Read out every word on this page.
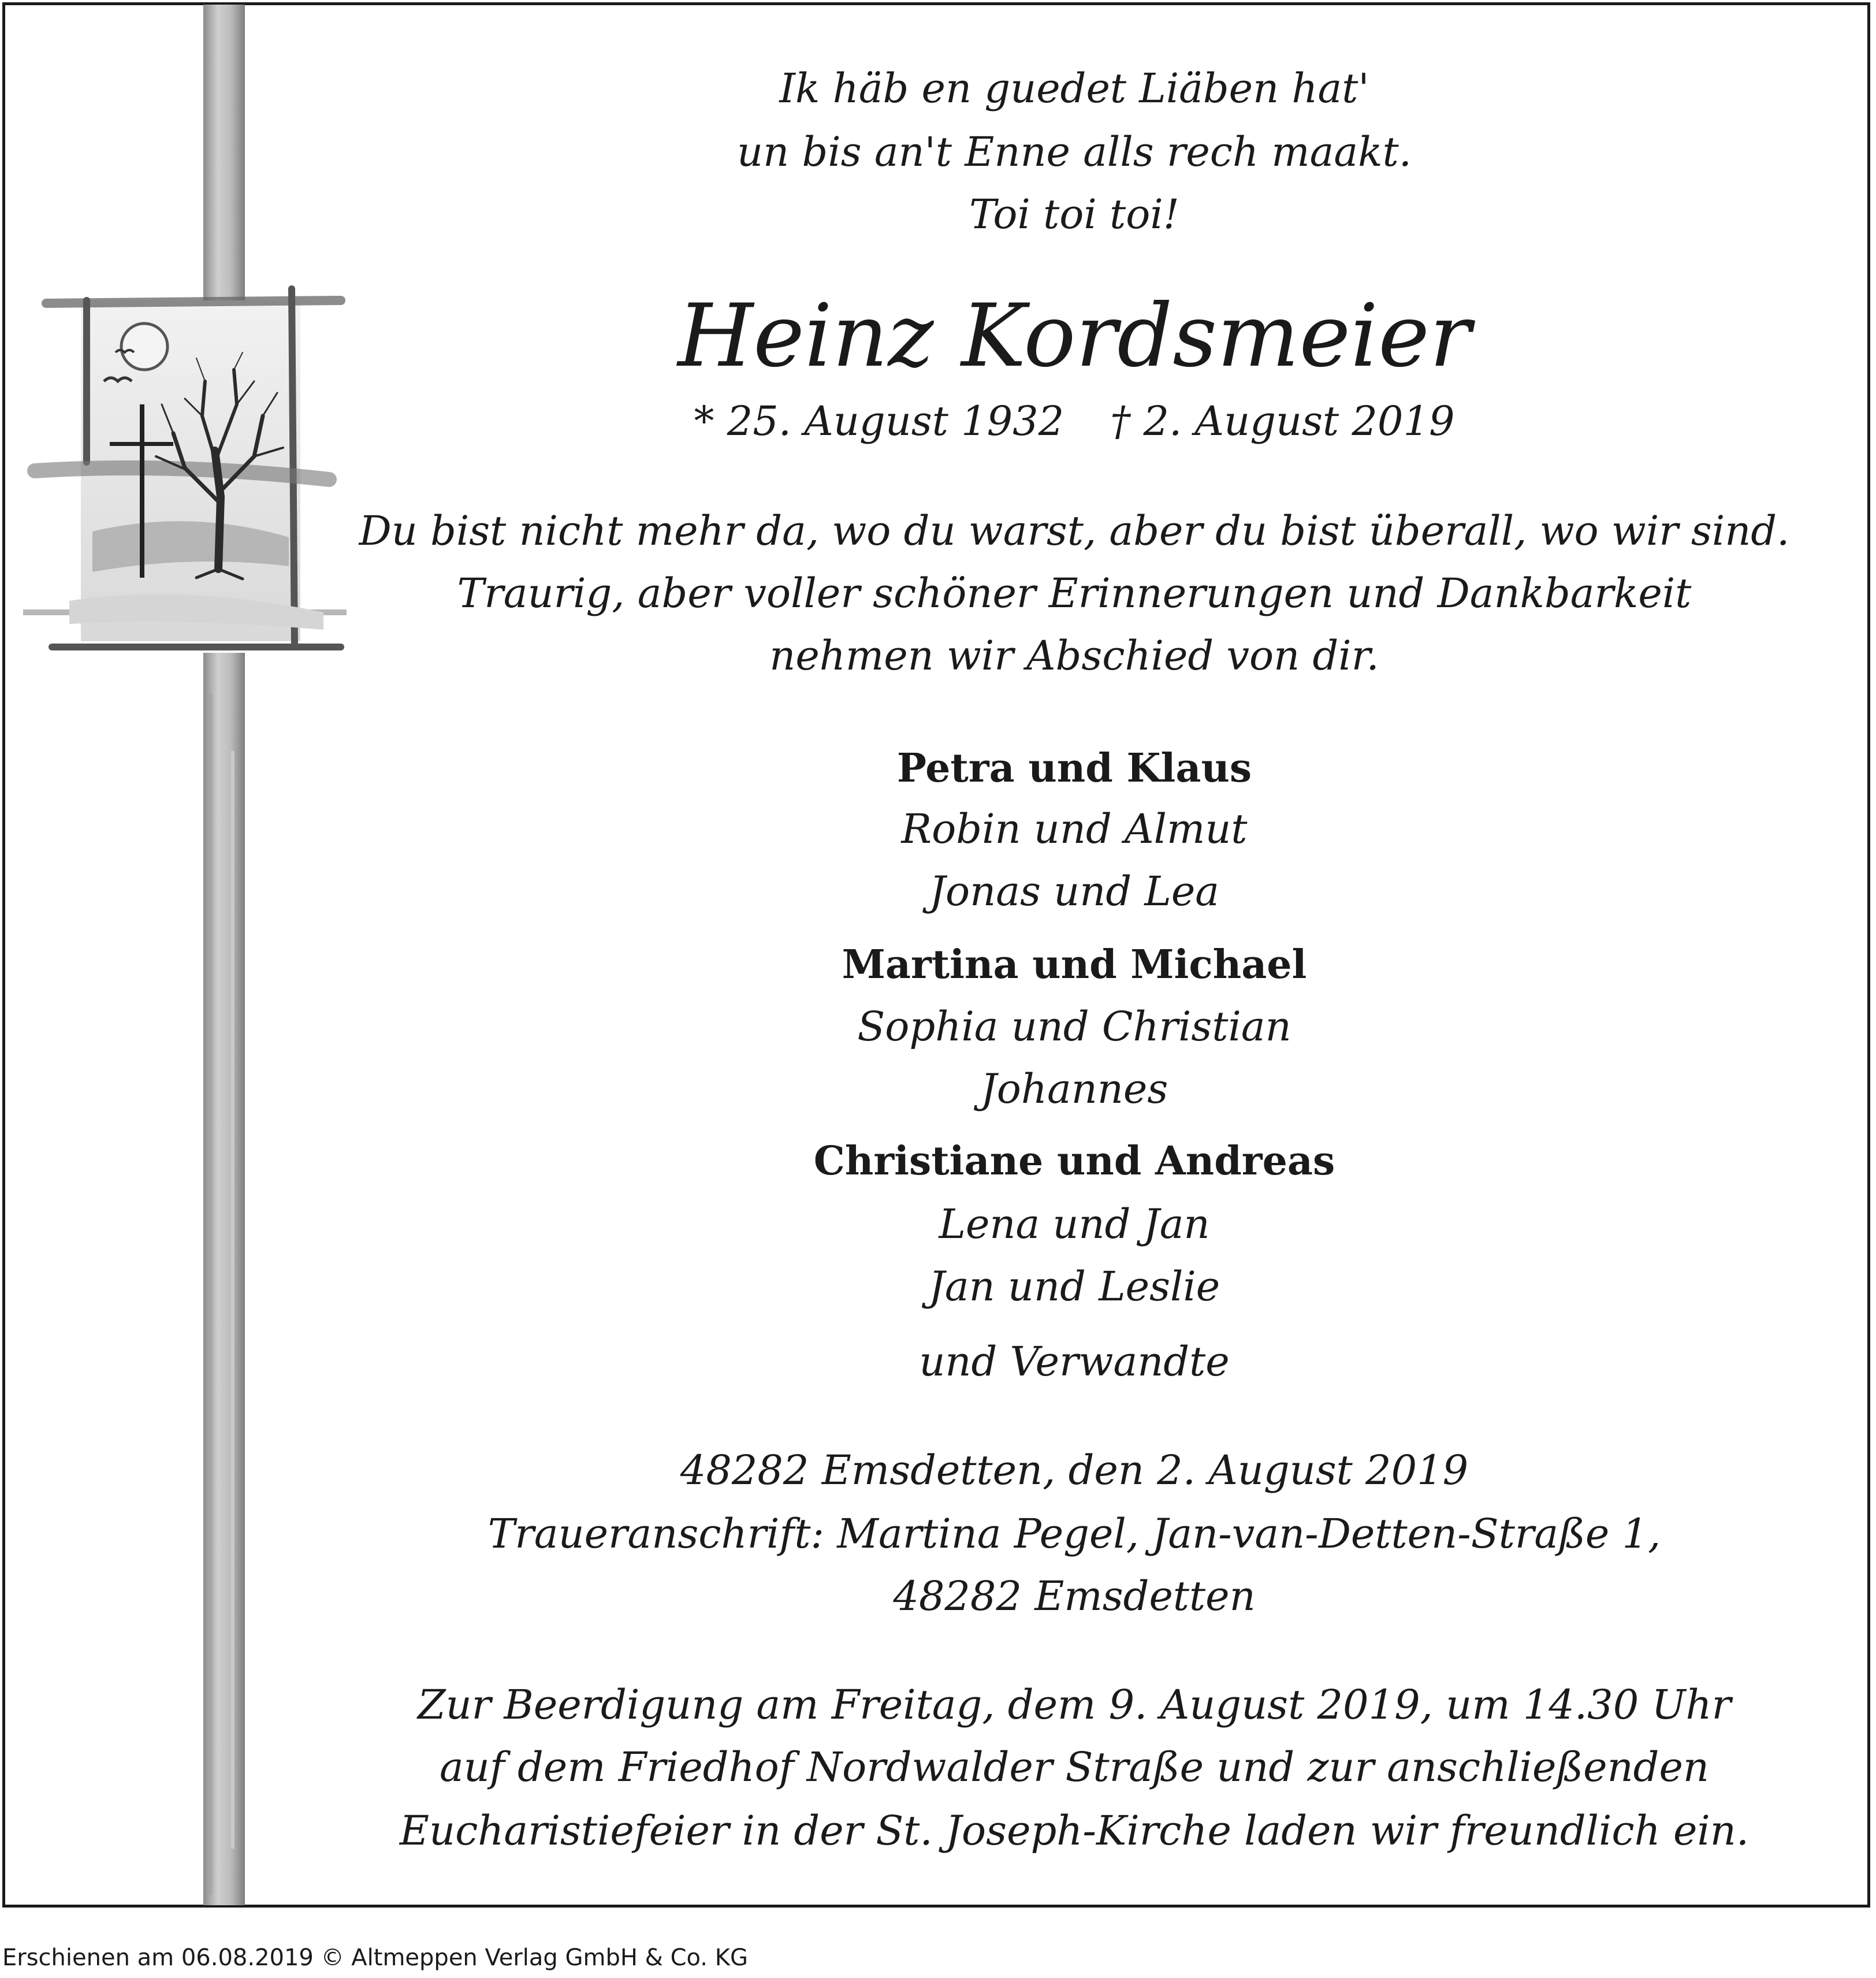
Ik häb en guedet Liäben hat'

un bis an't Enne alls rech maakt.

Toi toi toi!

Heinz Kordsmeier

* 25. August 1932 † 2. August 2019

Du bist nicht mehr da, wo du warst, aber du bist überall, wo wir sind.

Traurig, aber voller schöner Erinnerungen und Dankbarkeit

nehmen wir Abschied von dir.

Petra und Klaus

Robin und Almut

Jonas und Lea

Martina und Michael

Sophia und Christian

Johannes

Christiane und Andreas

Lena und Jan

Jan und Leslie

und Verwandte

48282 Emsdetten, den 2. August 2019

Traueranschrift: Martina Pegel, Jan-van-Detten-Straße 1,

48282 Emsdetten

Zur Beerdigung am Freitag, dem 9. August 2019, um 14.30 Uhr

auf dem Friedhof Nordwalder Straße und zur anschließenden

Eucharistiefeier in der St. Joseph-Kirche laden wir freundlich ein.

Erschienen am 06.08.2019 © Altmeppen Verlag GmbH & Co. KG
